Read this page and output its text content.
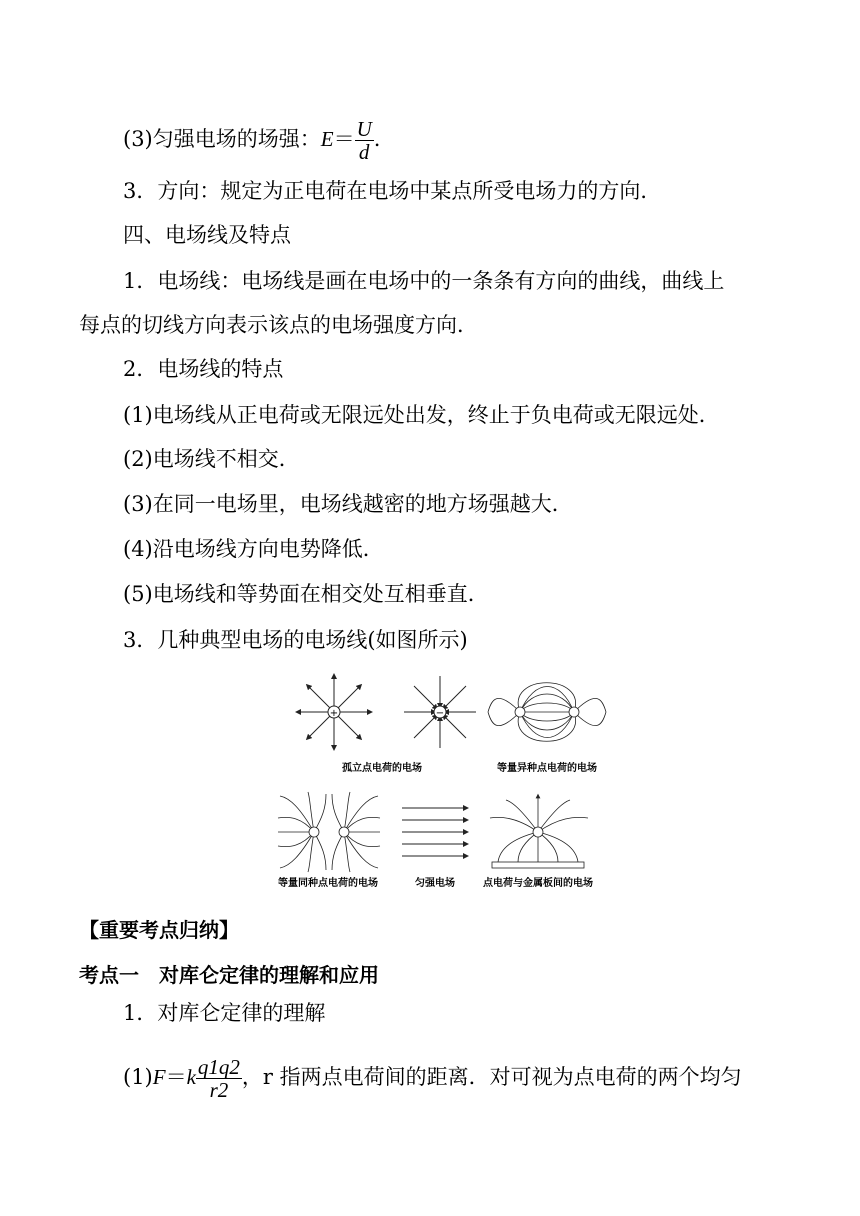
(3)匀强电场的场强：$E= \frac{U}{d}$ .
3．方向：规定为正电荷在电场中某点所受电场力的方向．
四、电场线及特点
1．电场线：电场线是画在电场中的一条条有方向的曲线，曲线上
每点的切线方向表示该点的电场强度方向．
2．电场线的特点
(1)电场线从正电荷或无限远处出发，终止于负电荷或无限远处．
(2)电场线不相交．
(3)在同一电场里，电场线越密的地方场强越大．
(4)沿电场线方向电势降低．
(5)电场线和等势面在相交处互相垂直．
3．几种典型电场的电场线(如图所示)
+	−
孤立点电荷的电场	等量异种点电荷的电场
等量同种点电荷的电场	匀强电场	点电荷与金属板间的电场
【重要考点归纳】
考点一　对库仑定律的理解和应用
1．对库仑定律的理解
$(1)F=k \frac{q1q2}{r2}$ ，r 指两点电荷间的距离．对可视为点电荷的两个均匀
